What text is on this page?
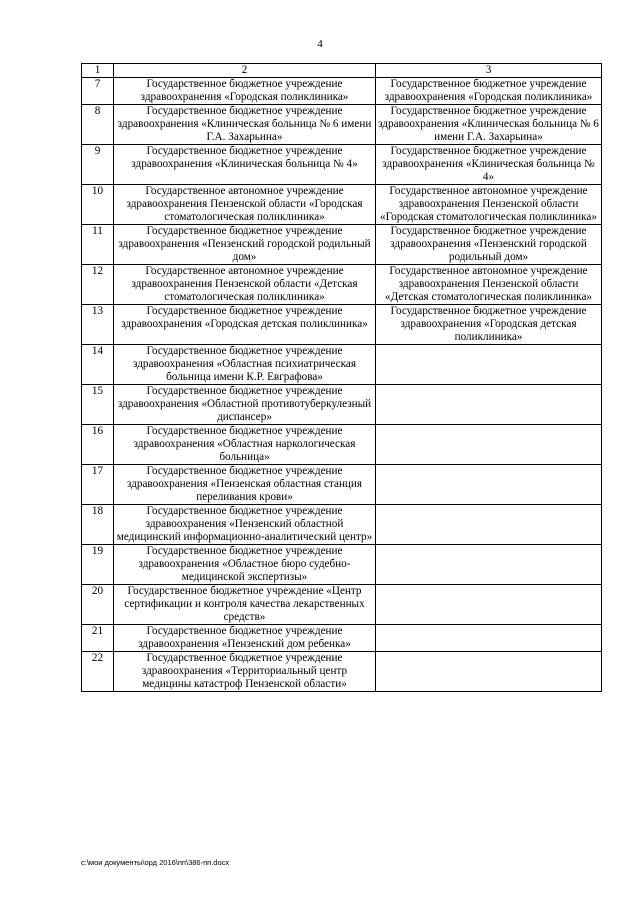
4
1	2	3
7	Государственное бюджетное учреждение здравоохранения «Городская поликлиника»	Государственное бюджетное учреждение здравоохранения «Городская поликлиника»
8	Государственное бюджетное учреждение здравоохранения «Клиническая больница № 6 имени Г.А. Захарьина»	Государственное бюджетное учреждение здравоохранения «Клиническая больница № 6 имени Г.А. Захарьина»
9	Государственное бюджетное учреждение здравоохранения «Клиническая больница № 4»	Государственное бюджетное учреждение здравоохранения «Клиническая больница № 4»
10	Государственное автономное учреждение здравоохранения Пензенской области «Городская стоматологическая поликлиника»	Государственное автономное учреждение здравоохранения Пензенской области «Городская стоматологическая поликлиника»
11	Государственное бюджетное учреждение здравоохранения «Пензенский городской родильный дом»	Государственное бюджетное учреждение здравоохранения «Пензенский городской родильный дом»
12	Государственное автономное учреждение здравоохранения Пензенской области «Детская стоматологическая поликлиника»	Государственное автономное учреждение здравоохранения Пензенской области «Детская стоматологическая поликлиника»
13	Государственное бюджетное учреждение здравоохранения «Городская детская поликлиника»	Государственное бюджетное учреждение здравоохранения «Городская детская поликлиника»
14	Государственное бюджетное учреждение здравоохранения «Областная психиатрическая больница имени К.Р. Евграфова»	
15	Государственное бюджетное учреждение здравоохранения «Областной противотуберкулезный диспансер»	
16	Государственное бюджетное учреждение здравоохранения «Областная наркологическая больница»	
17	Государственное бюджетное учреждение здравоохранения «Пензенская областная станция переливания крови»	
18	Государственное бюджетное учреждение здравоохранения «Пензенский областной медицинский информационно-аналитический центр»	
19	Государственное бюджетное учреждение здравоохранения «Областное бюро судебно-медицинской экспертизы»	
20	Государственное бюджетное учреждение «Центр сертификации и контроля качества лекарственных средств»	
21	Государственное бюджетное учреждение здравоохранения «Пензенский дом ребенка»	
22	Государственное бюджетное учреждение здравоохранения «Территориальный центр медицины катастроф Пензенской области»	
c:\мои документы\орд 2016\пп\386-пп.docx
